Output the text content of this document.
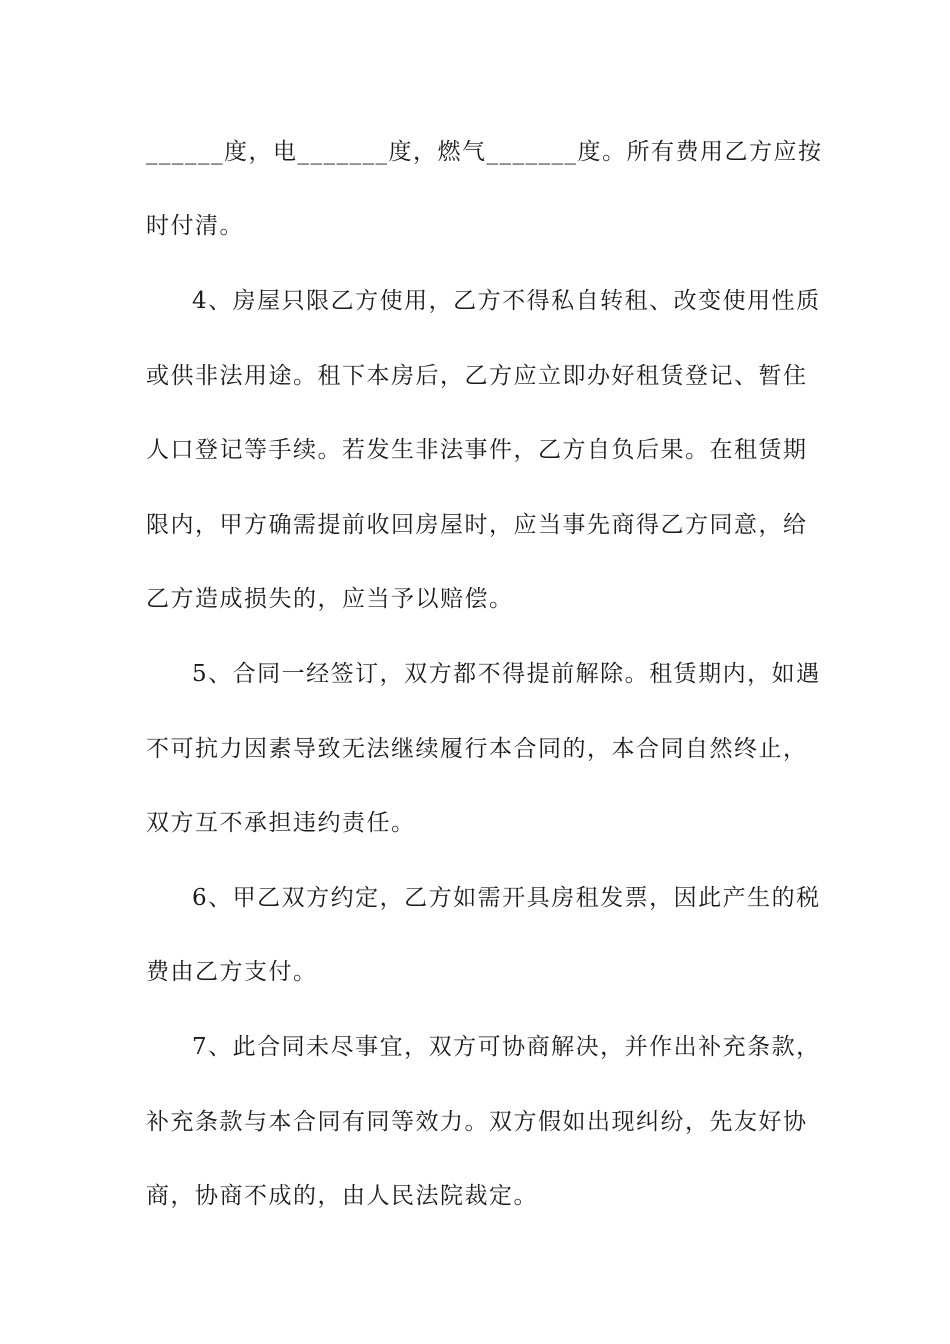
______度，电_______度，燃气_______度。所有费用乙方应按
时付清。
4、房屋只限乙方使用，乙方不得私自转租、改变使用性质
或供非法用途。租下本房后，乙方应立即办好租赁登记、暂住
人口登记等手续。若发生非法事件，乙方自负后果。在租赁期
限内，甲方确需提前收回房屋时，应当事先商得乙方同意，给
乙方造成损失的，应当予以赔偿。
5、合同一经签订，双方都不得提前解除。租赁期内，如遇
不可抗力因素导致无法继续履行本合同的，本合同自然终止，
双方互不承担违约责任。
6、甲乙双方约定，乙方如需开具房租发票，因此产生的税
费由乙方支付。
7、此合同未尽事宜，双方可协商解决，并作出补充条款，
补充条款与本合同有同等效力。双方假如出现纠纷，先友好协
商，协商不成的，由人民法院裁定。
